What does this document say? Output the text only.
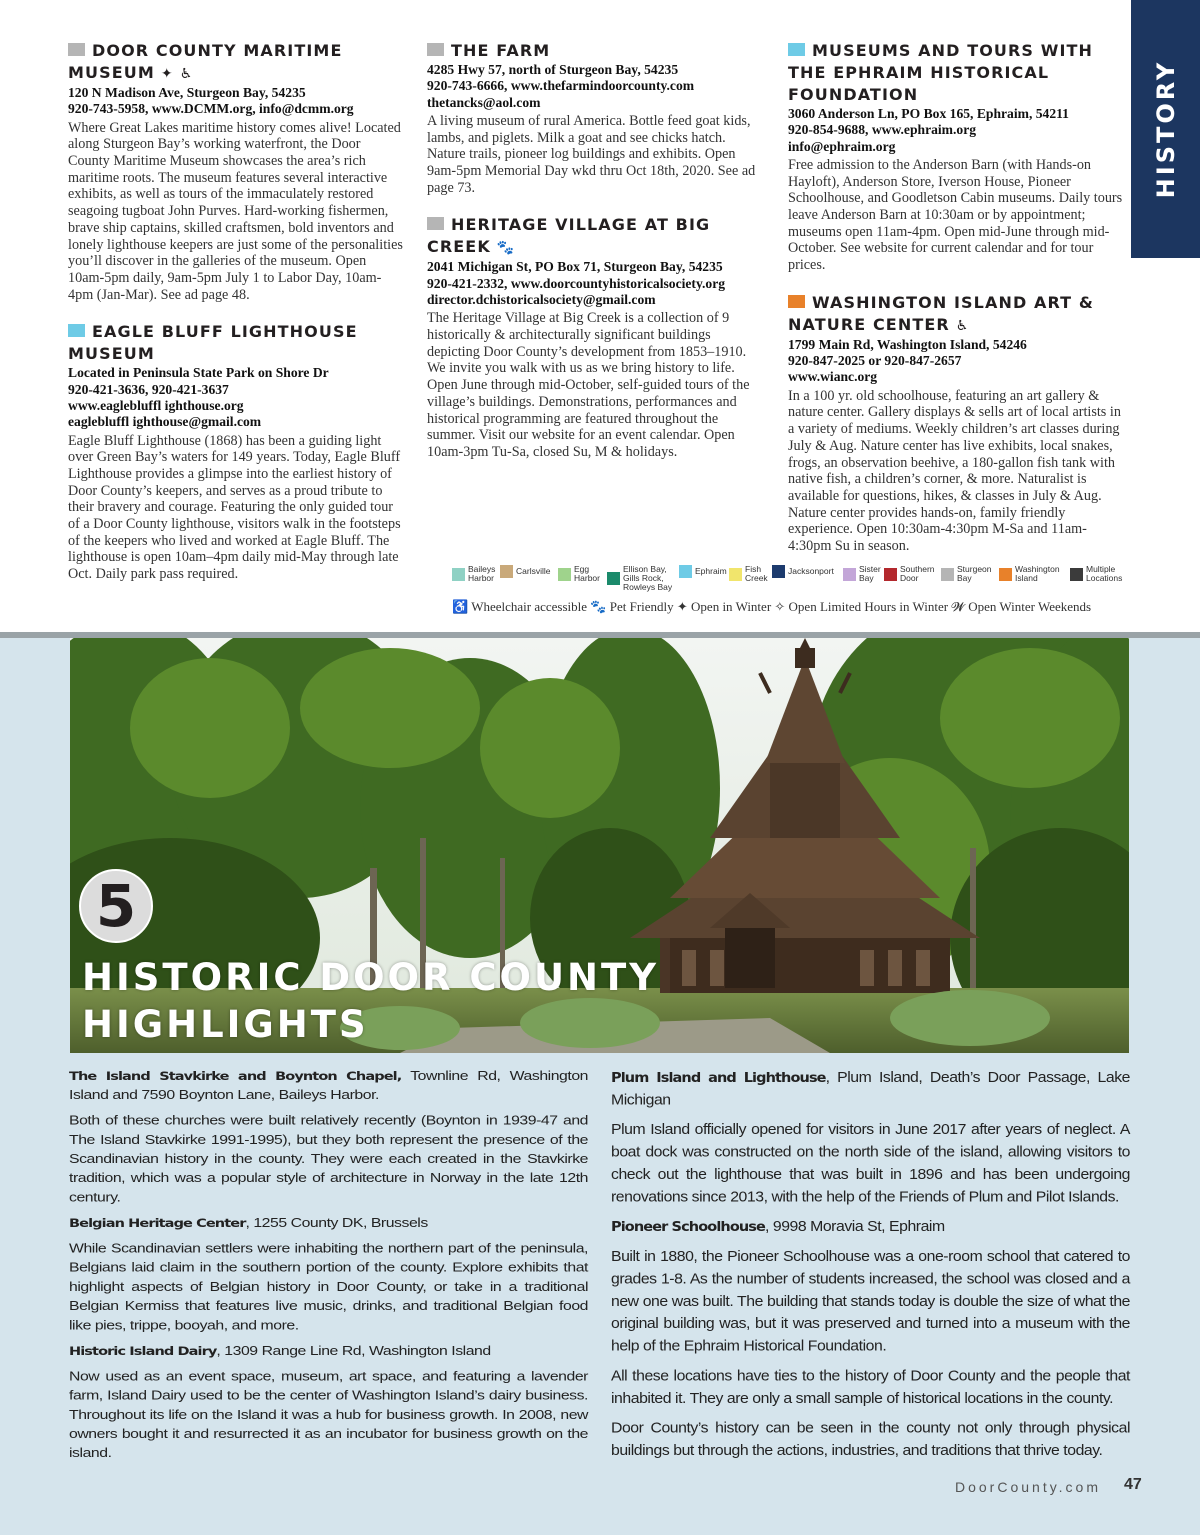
DOOR COUNTY MARITIME MUSEUM ✦ ♿
120 N Madison Ave, Sturgeon Bay, 54235
920-743-5958, www.DCMM.org, info@dcmm.org
Where Great Lakes maritime history comes alive! Located along Sturgeon Bay’s working waterfront, the Door County Maritime Museum showcases the area’s rich maritime roots. The museum features several interactive exhibits, as well as tours of the immaculately restored seagoing tugboat John Purves. Hard-working fishermen, brave ship captains, skilled craftsmen, bold inventors and lonely lighthouse keepers are just some of the personalities you’ll discover in the galleries of the museum. Open 10am-5pm daily, 9am-5pm July 1 to Labor Day, 10am-4pm (Jan-Mar). See ad page 48.
EAGLE BLUFF LIGHTHOUSE MUSEUM
Located in Peninsula State Park on Shore Dr
920-421-3636, 920-421-3637
www.eaglebluffl ighthouse.org
eaglebluffl ighthouse@gmail.com
Eagle Bluff Lighthouse (1868) has been a guiding light over Green Bay’s waters for 149 years. Today, Eagle Bluff Lighthouse provides a glimpse into the earliest history of Door County’s keepers, and serves as a proud tribute to their bravery and courage. Featuring the only guided tour of a Door County lighthouse, visitors walk in the footsteps of the keepers who lived and worked at Eagle Bluff. The lighthouse is open 10am–4pm daily mid-May through late Oct. Daily park pass required.
THE FARM
4285 Hwy 57, north of Sturgeon Bay, 54235
920-743-6666, www.thefarmindoorcounty.com
thetancks@aol.com
A living museum of rural America. Bottle feed goat kids, lambs, and piglets. Milk a goat and see chicks hatch. Nature trails, pioneer log buildings and exhibits. Open 9am-5pm Memorial Day wkd thru Oct 18th, 2020. See ad page 73.
HERITAGE VILLAGE AT BIG CREEK 🐾
2041 Michigan St, PO Box 71, Sturgeon Bay, 54235
920-421-2332, www.doorcountyhistoricalsociety.org
director.dchistoricalsociety@gmail.com
The Heritage Village at Big Creek is a collection of 9 historically & architecturally significant buildings depicting Door County’s development from 1853–1910. We invite you walk with us as we bring history to life. Open June through mid-October, self-guided tours of the village’s buildings. Demonstrations, performances and historical programming are featured throughout the summer. Visit our website for an event calendar. Open 10am-3pm Tu-Sa, closed Su, M & holidays.
MUSEUMS AND TOURS WITH THE EPHRAIM HISTORICAL FOUNDATION
3060 Anderson Ln, PO Box 165, Ephraim, 54211
920-854-9688, www.ephraim.org
info@ephraim.org
Free admission to the Anderson Barn (with Hands-on Hayloft), Anderson Store, Iverson House, Pioneer Schoolhouse, and Goodletson Cabin museums. Daily tours leave Anderson Barn at 10:30am or by appointment; museums open 11am-4pm. Open mid-June through mid-October. See website for current calendar and for tour prices.
WASHINGTON ISLAND ART & NATURE CENTER ♿
1799 Main Rd, Washington Island, 54246
920-847-2025 or 920-847-2657
www.wianc.org
In a 100 yr. old schoolhouse, featuring an art gallery & nature center. Gallery displays & sells art of local artists in a variety of mediums. Weekly children’s art classes during July & Aug. Nature center has live exhibits, local snakes, frogs, an observation beehive, a 180-gallon fish tank with native fish, a children’s corner, & more. Naturalist is available for questions, hikes, & classes in July & Aug. Nature center provides hands-on, family friendly experience. Open 10:30am-4:30pm M-Sa and 11am-4:30pm Su in season.
HISTORY
Baileys Harbor
Carlsville	Egg Harbor
Ellison Bay, Gills Rock, Rowleys Bay
Ephraim Fish Creek
Jacksonport	Sister Bay
Southern Door
Sturgeon Bay
Washington Island
Multiple Locations
♿ Wheelchair accessible 🐾 Pet Friendly ✦ Open in Winter ✧ Open Limited Hours in Winter 𝓦 Open Winter Weekends
5
HISTORIC DOOR COUNTY
HIGHLIGHTS

The Island Stavkirke and Boynton Chapel, Townline Rd, Washington Island and 7590 Boynton Lane, Baileys Harbor.

Both of these churches were built relatively recently (Boynton in 1939-47 and The Island Stavkirke 1991-1995), but they both represent the presence of the Scandinavian history in the county. They were each created in the Stavkirke tradition, which was a popular style of architecture in Norway in the late 12th century.

Belgian Heritage Center, 1255 County DK, Brussels

While Scandinavian settlers were inhabiting the northern part of the peninsula, Belgians laid claim in the southern portion of the county. Explore exhibits that highlight aspects of Belgian history in Door County, or take in a traditional Belgian Kermiss that features live music, drinks, and traditional Belgian food like pies, trippe, booyah, and more.

Historic Island Dairy, 1309 Range Line Rd, Washington Island

Now used as an event space, museum, art space, and featuring a lavender farm, Island Dairy used to be the center of Washington Island’s dairy business. Throughout its life on the Island it was a hub for business growth. In 2008, new owners bought it and resurrected it as an incubator for business growth on the island.

Plum Island and Lighthouse, Plum Island, Death’s Door Passage, Lake Michigan

Plum Island officially opened for visitors in June 2017 after years of neglect. A boat dock was constructed on the north side of the island, allowing visitors to check out the lighthouse that was built in 1896 and has been undergoing renovations since 2013, with the help of the Friends of Plum and Pilot Islands.

Pioneer Schoolhouse, 9998 Moravia St, Ephraim

Built in 1880, the Pioneer Schoolhouse was a one-room school that catered to grades 1-8. As the number of students increased, the school was closed and a new one was built. The building that stands today is double the size of what the original building was, but it was preserved and turned into a museum with the help of the Ephraim Historical Foundation.

All these locations have ties to the history of Door County and the people that inhabited it. They are only a small sample of historical locations in the county.

Door County’s history can be seen in the county not only through physical buildings but through the actions, industries, and traditions that thrive today.

DoorCounty.com 47
